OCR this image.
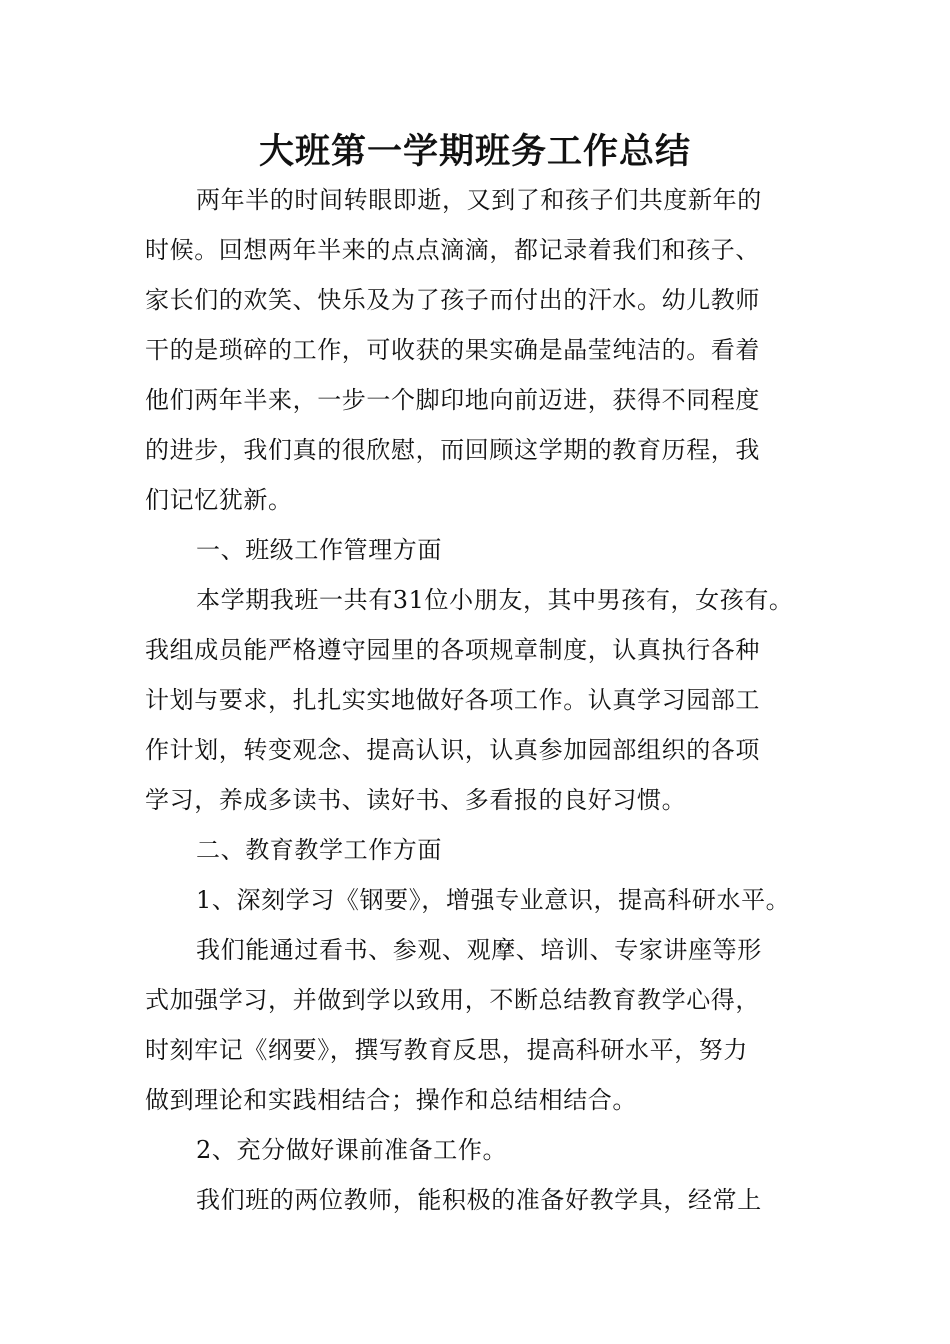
大班第一学期班务工作总结

两年半的时间转眼即逝，又到了和孩子们共度新年的

时候。回想两年半来的点点滴滴，都记录着我们和孩子、

家长们的欢笑、快乐及为了孩子而付出的汗水。幼儿教师

干的是琐碎的工作，可收获的果实确是晶莹纯洁的。看着

他们两年半来，一步一个脚印地向前迈进，获得不同程度

的进步，我们真的很欣慰，而回顾这学期的教育历程，我

们记忆犹新。

一、班级工作管理方面

本学期我班一共有31位小朋友，其中男孩有，女孩有。

我组成员能严格遵守园里的各项规章制度，认真执行各种

计划与要求，扎扎实实地做好各项工作。认真学习园部工

作计划，转变观念、提高认识，认真参加园部组织的各项

学习，养成多读书、读好书、多看报的良好习惯。

二、教育教学工作方面

1、深刻学习《钢要》，增强专业意识，提高科研水平。

我们能通过看书、参观、观摩、培训、专家讲座等形

式加强学习，并做到学以致用，不断总结教育教学心得，

时刻牢记《纲要》，撰写教育反思，提高科研水平，努力

做到理论和实践相结合；操作和总结相结合。

2、充分做好课前准备工作。

我们班的两位教师，能积极的准备好教学具，经常上
